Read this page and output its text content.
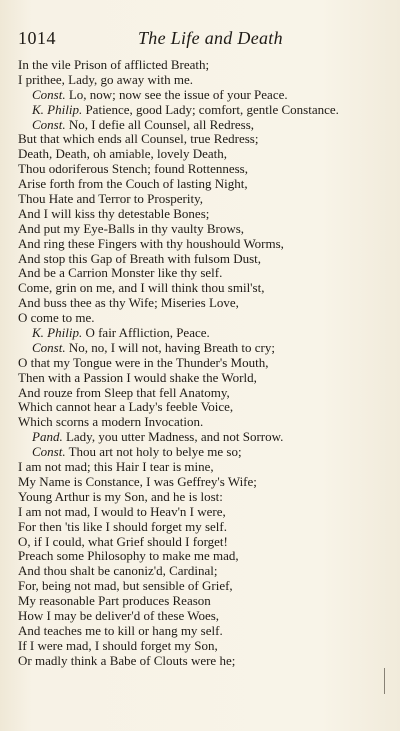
1014	The Life and Death
In the vile Prison of afflicted Breath;
I prithee, Lady, go away with me.
Const. Lo, now; now see the issue of your Peace.
K. Philip. Patience, good Lady; comfort, gentle Constance.
Const. No, I defie all Counsel, all Redress,
But that which ends all Counsel, true Redress;
Death, Death, oh amiable, lovely Death,
Thou odoriferous Stench; found Rottenness,
Arise forth from the Couch of lasting Night,
Thou Hate and Terror to Prosperity,
And I will kiss thy detestable Bones;
And put my Eye-Balls in thy vaulty Brows,
And ring these Fingers with thy houshould Worms,
And stop this Gap of Breath with fulsom Dust,
And be a Carrion Monster like thy self.
Come, grin on me, and I will think thou smil'st,
And buss thee as thy Wife; Miseries Love,
O come to me.
K. Philip. O fair Affliction, Peace.
Const. No, no, I will not, having Breath to cry;
O that my Tongue were in the Thunder's Mouth,
Then with a Passion I would shake the World,
And rouze from Sleep that fell Anatomy,
Which cannot hear a Lady's feeble Voice,
Which scorns a modern Invocation.
Pand. Lady, you utter Madness, and not Sorrow.
Const. Thou art not holy to belye me so;
I am not mad; this Hair I tear is mine,
My Name is Constance, I was Geffrey's Wife;
Young Arthur is my Son, and he is lost:
I am not mad, I would to Heav'n I were,
For then 'tis like I should forget my self.
O, if I could, what Grief should I forget!
Preach some Philosophy to make me mad,
And thou shalt be canoniz'd, Cardinal;
For, being not mad, but sensible of Grief,
My reasonable Part produces Reason
How I may be deliver'd of these Woes,
And teaches me to kill or hang my self.
If I were mad, I should forget my Son,
Or madly think a Babe of Clouts were he;
